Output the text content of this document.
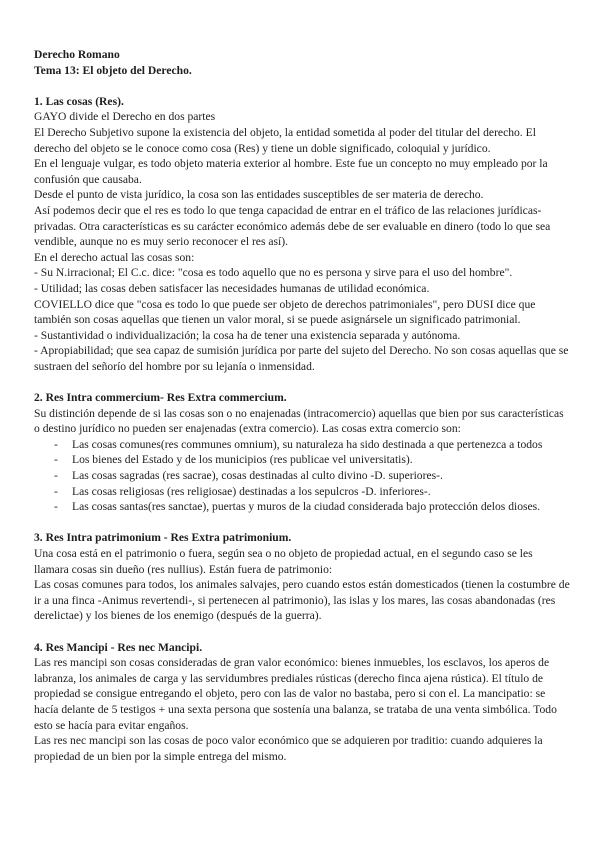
Derecho Romano

Tema 13: El objeto del Derecho.

1. Las cosas (Res).

GAYO divide el Derecho en dos partes

El Derecho Subjetivo supone la existencia del objeto, la entidad sometida al poder del titular del derecho. El derecho del objeto se le conoce como cosa (Res) y tiene un doble significado, coloquial y jurídico.

En el lenguaje vulgar, es todo objeto materia exterior al hombre. Este fue un concepto no muy empleado por la confusión que causaba.

Desde el punto de vista jurídico, la cosa son las entidades susceptibles de ser materia de derecho.

Así podemos decir que el res es todo lo que tenga capacidad de entrar en el tráfico de las relaciones jurídicas-privadas. Otra características es su carácter económico además debe de ser evaluable en dinero (todo lo que sea vendible, aunque no es muy serio reconocer el res así).

En el derecho actual las cosas son:

- Su N.irracional; El C.c. dice: "cosa es todo aquello que no es persona y sirve para el uso del hombre".

- Utilidad; las cosas deben satisfacer las necesidades humanas de utilidad económica.

COVIELLO dice que "cosa es todo lo que puede ser objeto de derechos patrimoniales", pero DUSI dice que también son cosas aquellas que tienen un valor moral, si se puede asignársele un significado patrimonial.

- Sustantividad o individualización; la cosa ha de tener una existencia separada y autónoma.

- Apropiabilidad; que sea capaz de sumisión jurídica por parte del sujeto del Derecho. No son cosas aquellas que se sustraen del señorío del hombre por su lejanía o inmensidad.

2. Res Intra commercium- Res Extra commercium.

Su distinción depende de si las cosas son o no enajenadas (intracomercio) aquellas que bien por sus características o destino jurídico no pueden ser enajenadas (extra comercio). Las cosas extra comercio son:

- Las cosas comunes(res communes omnium), su naturaleza ha sido destinada a que pertenezca a todos
- Los bienes del Estado y de los municipios (res publicae vel universitatis).
- Las cosas sagradas (res sacrae), cosas destinadas al culto divino -D. superiores-.
- Las cosas religiosas (res religiosae) destinadas a los sepulcros -D. inferiores-.
- Las cosas santas(res sanctae), puertas y muros de la ciudad considerada bajo protección delos dioses.

3. Res Intra patrimonium - Res Extra patrimonium.

Una cosa está en el patrimonio o fuera, según sea o no objeto de propiedad actual, en el segundo caso se les llamara cosas sin dueño (res nullius). Están fuera de patrimonio:

Las cosas comunes para todos, los animales salvajes, pero cuando estos están domesticados (tienen la costumbre de ir a una finca -Animus revertendi-, si pertenecen al patrimonio), las islas y los mares, las cosas abandonadas (res derelictae) y los bienes de los enemigo (después de la guerra).

4. Res Mancipi - Res nec Mancipi.

Las res mancipi son cosas consideradas de gran valor económico: bienes inmuebles, los esclavos, los aperos de labranza, los animales de carga y las servidumbres prediales rústicas (derecho finca ajena rústica). El título de propiedad se consigue entregando el objeto, pero con las de valor no bastaba, pero si con el. La mancipatio: se hacía delante de 5 testigos + una sexta persona que sostenía una balanza, se trataba de una venta simbólica. Todo esto se hacía para evitar engaños.

Las res nec mancipi son las cosas de poco valor económico que se adquieren por traditio: cuando adquieres la propiedad de un bien por la simple entrega del mismo.
